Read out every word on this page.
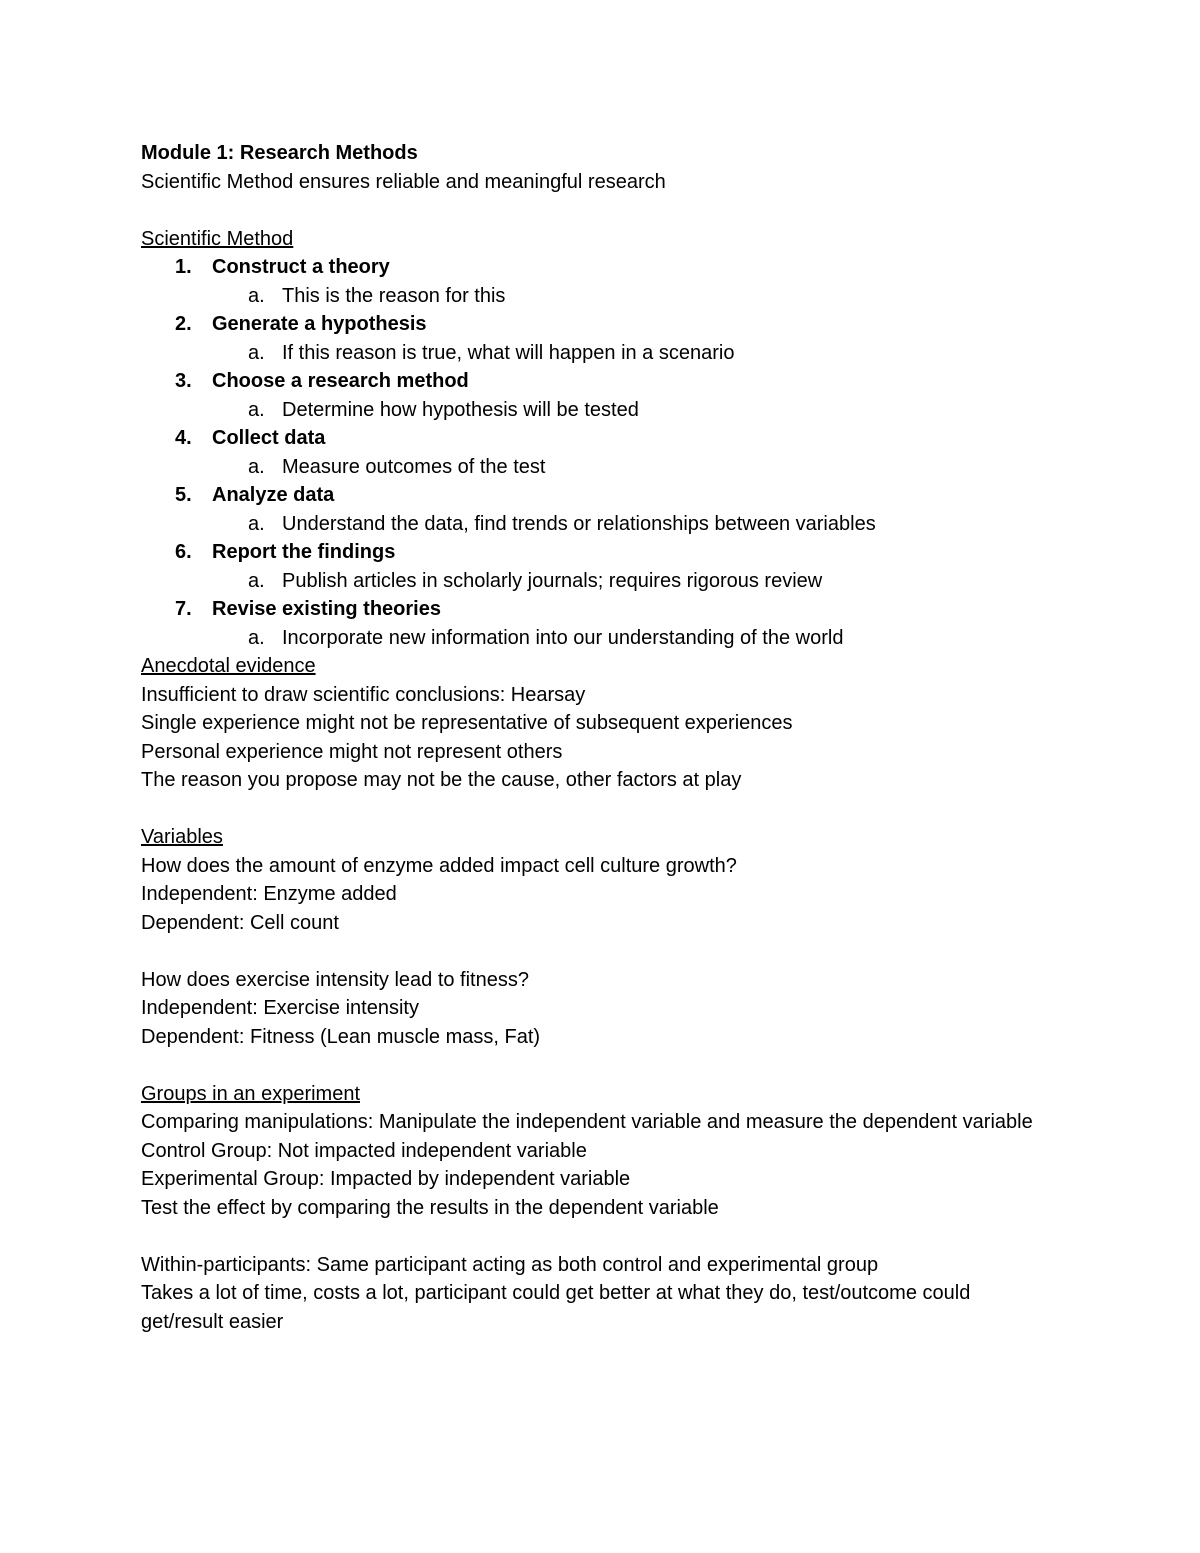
Module 1: Research Methods

Scientific Method ensures reliable and meaningful research

Scientific Method

1. Construct a theory
a. This is the reason for this
2. Generate a hypothesis
a. If this reason is true, what will happen in a scenario
3. Choose a research method
a. Determine how hypothesis will be tested
4. Collect data
a. Measure outcomes of the test
5. Analyze data
a. Understand the data, find trends or relationships between variables
6. Report the findings
a. Publish articles in scholarly journals; requires rigorous review
7. Revise existing theories
a. Incorporate new information into our understanding of the world

Anecdotal evidence

Insufficient to draw scientific conclusions: Hearsay

Single experience might not be representative of subsequent experiences

Personal experience might not represent others

The reason you propose may not be the cause, other factors at play

Variables

How does the amount of enzyme added impact cell culture growth?

Independent: Enzyme added

Dependent: Cell count

How does exercise intensity lead to fitness?

Independent: Exercise intensity

Dependent: Fitness (Lean muscle mass, Fat)

Groups in an experiment

Comparing manipulations: Manipulate the independent variable and measure the dependent variable

Control Group: Not impacted independent variable

Experimental Group: Impacted by independent variable

Test the effect by comparing the results in the dependent variable

Within-participants: Same participant acting as both control and experimental group

Takes a lot of time, costs a lot, participant could get better at what they do, test/outcome could get/result easier
